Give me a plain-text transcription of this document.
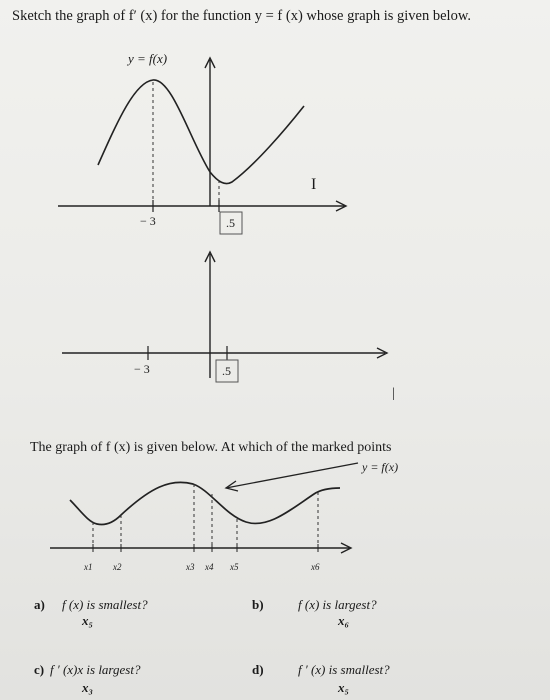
Sketch the graph of f′ (x) for the function y = f (x) whose graph is given below.
y = f(x)
− 3	.5
I
− 3	.5
|
The graph of f (x) is given below. At which of the marked points
y = f(x)
x1 x2	x3 x4 x5	x6
a) f (x) is smallest?
x₅
b)	f (x) is largest?
x₆
c) f ′ (x)x is largest?
x₃
d)	f ′ (x) is smallest?
x₅
